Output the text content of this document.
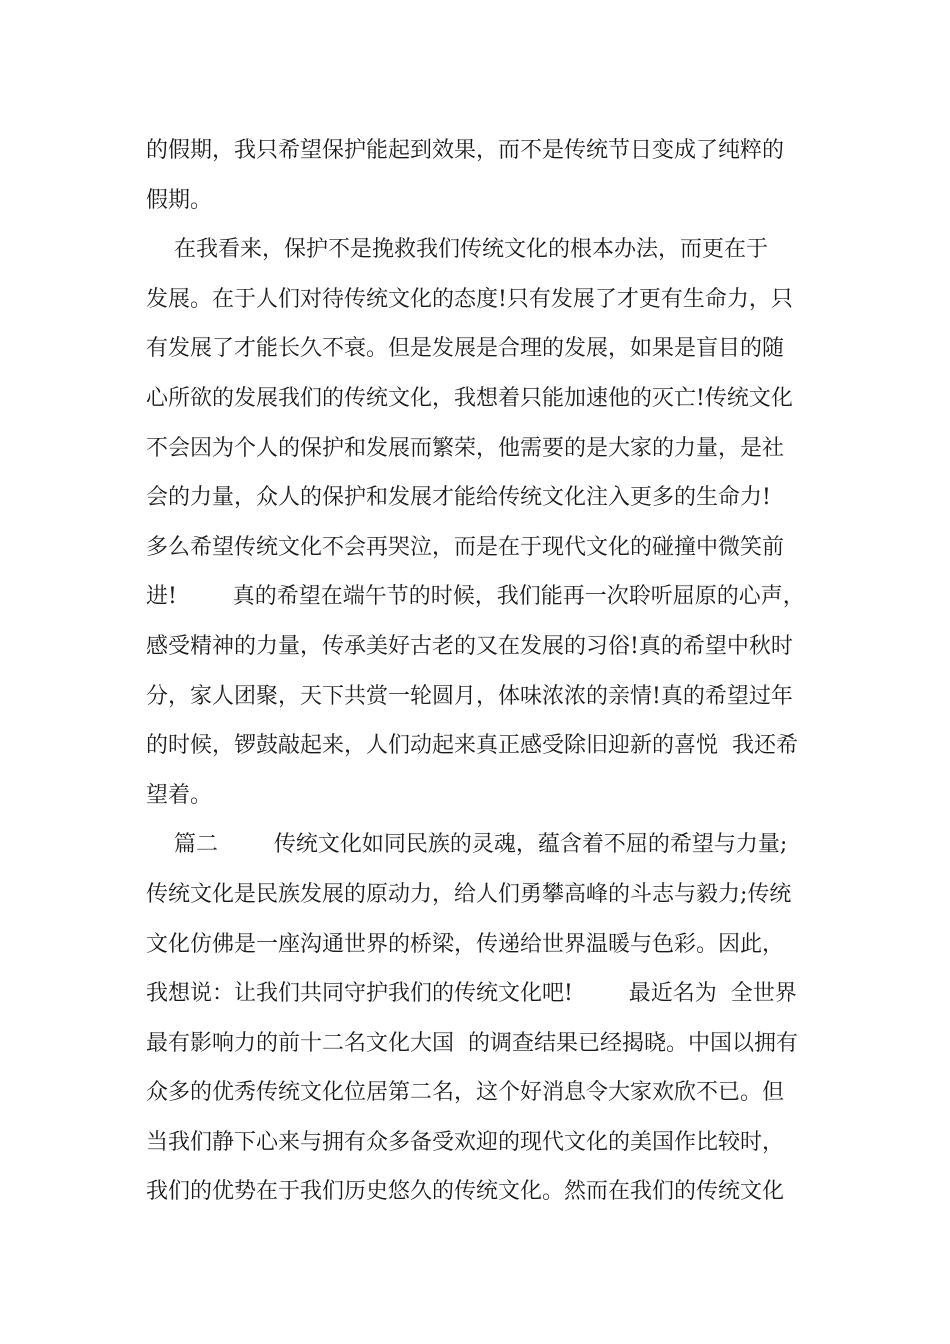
的假期，我只希望保护能起到效果，而不是传统节日变成了纯粹的
假期。
在我看来，保护不是挽救我们传统文化的根本办法，而更在于
发展。在于人们对待传统文化的态度!只有发展了才更有生命力，只
有发展了才能长久不衰。但是发展是合理的发展，如果是盲目的随
心所欲的发展我们的传统文化，我想着只能加速他的灭亡!传统文化
不会因为个人的保护和发展而繁荣，他需要的是大家的力量，是社
会的力量，众人的保护和发展才能给传统文化注入更多的生命力!
多么希望传统文化不会再哭泣，而是在于现代文化的碰撞中微笑前
进!        真的希望在端午节的时候，我们能再一次聆听屈原的心声，
感受精神的力量，传承美好古老的又在发展的习俗!真的希望中秋时
分，家人团聚，天下共赏一轮圆月，体味浓浓的亲情!真的希望过年
的时候，锣鼓敲起来，人们动起来真正感受除旧迎新的喜悦  我还希
望着。
篇二        传统文化如同民族的灵魂，蕴含着不屈的希望与力量;
传统文化是民族发展的原动力，给人们勇攀高峰的斗志与毅力;传统
文化仿佛是一座沟通世界的桥梁，传递给世界温暖与色彩。因此，
我想说：让我们共同守护我们的传统文化吧!        最近名为  全世界
最有影响力的前十二名文化大国  的调查结果已经揭晓。中国以拥有
众多的优秀传统文化位居第二名，这个好消息令大家欢欣不已。但
当我们静下心来与拥有众多备受欢迎的现代文化的美国作比较时，
我们的优势在于我们历史悠久的传统文化。然而在我们的传统文化
